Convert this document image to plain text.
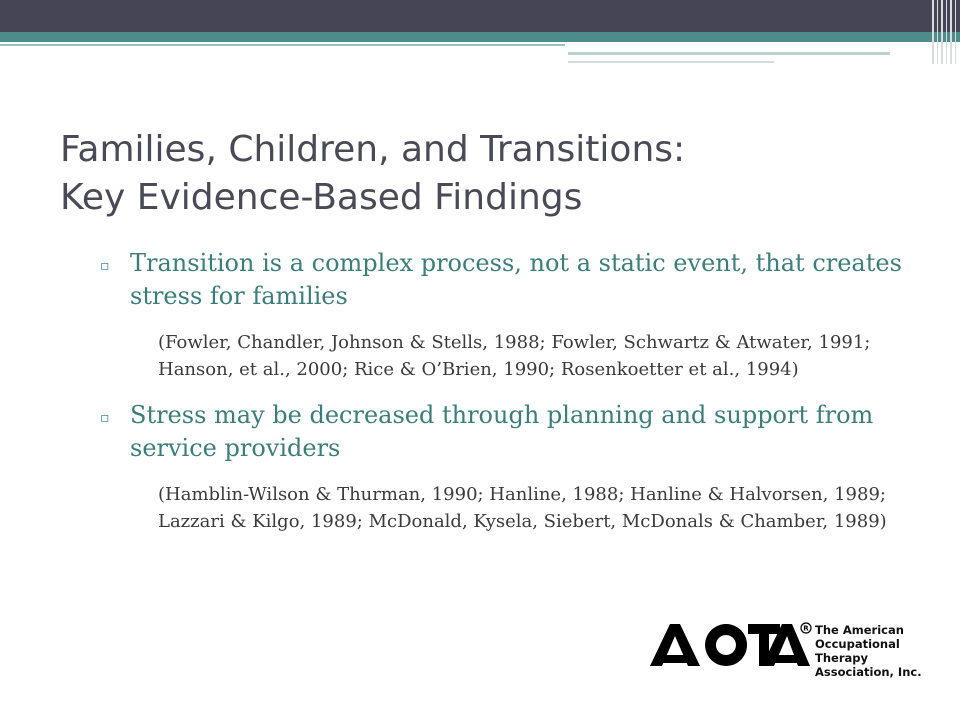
Families, Children, and Transitions:
Key Evidence-Based Findings
▫ Transition is a complex process, not a static event, that creates stress for families
(Fowler, Chandler, Johnson & Stells, 1988; Fowler, Schwartz & Atwater, 1991; Hanson, et al., 2000; Rice & O’Brien, 1990; Rosenkoetter et al., 1994)
▫ Stress may be decreased through planning and support from service providers
(Hamblin-Wilson & Thurman, 1990; Hanline, 1988; Hanline & Halvorsen, 1989; Lazzari & Kilgo, 1989; McDonald, Kysela, Siebert, McDonals & Chamber, 1989)
R The American
Occupational Therapy
Association, Inc.
